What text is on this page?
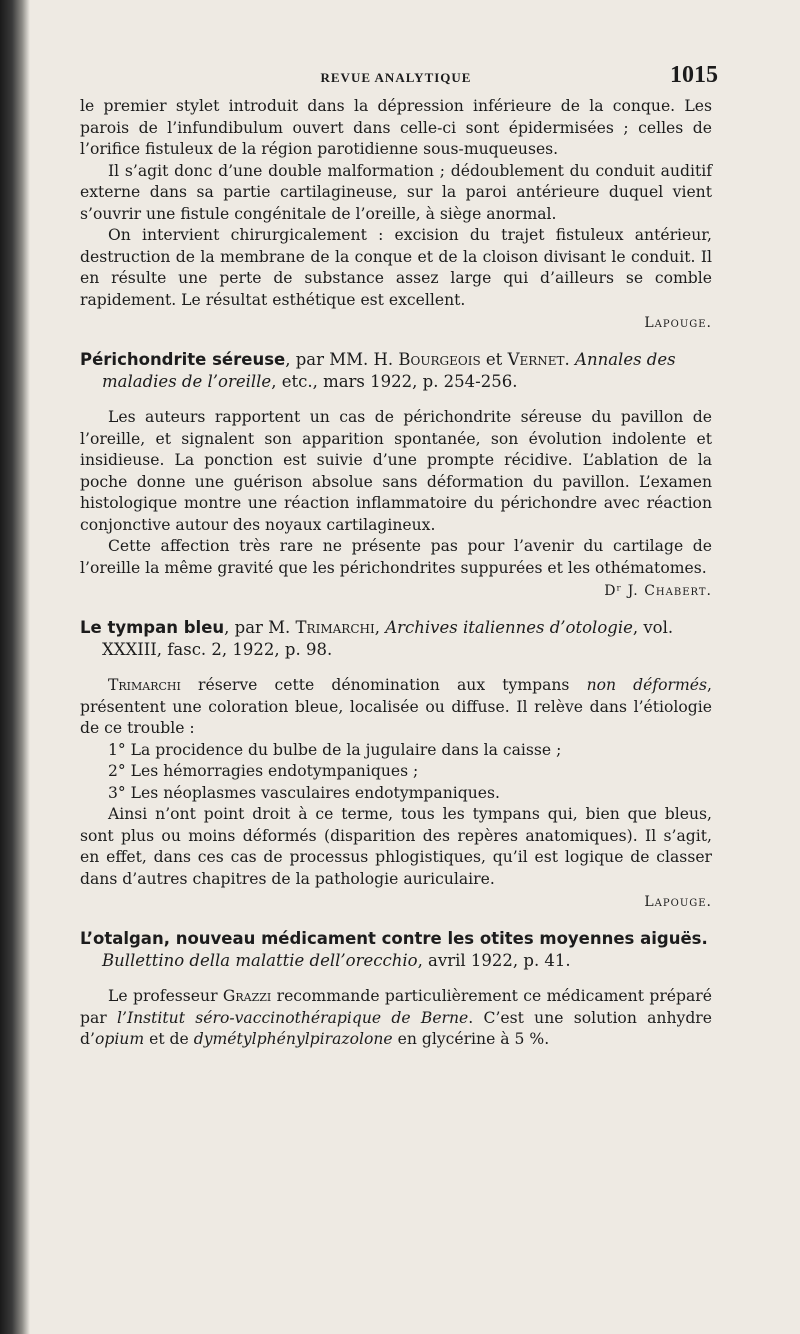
REVUE ANALYTIQUE	1015

le premier stylet introduit dans la dépression inférieure de la conque. Les parois de l’infundibulum ouvert dans celle-ci sont épidermisées ; celles de l’orifice fistuleux de la région parotidienne sous-muqueuses.

Il s’agit donc d’une double malformation ; dédoublement du conduit auditif externe dans sa partie cartilagineuse, sur la paroi antérieure duquel vient s’ouvrir une fistule congénitale de l’oreille, à siège anormal.

On intervient chirurgicalement : excision du trajet fistuleux antérieur, destruction de la membrane de la conque et de la cloison divisant le conduit. Il en résulte une perte de substance assez large qui d’ailleurs se comble rapidement. Le résultat esthétique est excellent.

Lapouge.

Périchondrite séreuse, par MM. H. Bourgeois et Vernet. Annales des maladies de l’oreille, etc., mars 1922, p. 254-256.

Les auteurs rapportent un cas de périchondrite séreuse du pavillon de l’oreille, et signalent son apparition spontanée, son évolution indolente et insidieuse. La ponction est suivie d’une prompte récidive. L’ablation de la poche donne une guérison absolue sans déformation du pavillon. L’examen histologique montre une réaction inflammatoire du périchondre avec réaction conjonctive autour des noyaux cartilagineux.

Cette affection très rare ne présente pas pour l’avenir du cartilage de l’oreille la même gravité que les périchondrites suppurées et les othématomes.

Dʳ J. Chabert.

Le tympan bleu, par M. Trimarchi, Archives italiennes d’otologie, vol. XXXIII, fasc. 2, 1922, p. 98.

Trimarchi réserve cette dénomination aux tympans non déformés, présentent une coloration bleue, localisée ou diffuse. Il relève dans l’étiologie de ce trouble :

1° La procidence du bulbe de la jugulaire dans la caisse ;

2° Les hémorragies endotympaniques ;

3° Les néoplasmes vasculaires endotympaniques.

Ainsi n’ont point droit à ce terme, tous les tympans qui, bien que bleus, sont plus ou moins déformés (disparition des repères anatomiques). Il s’agit, en effet, dans ces cas de processus phlogistiques, qu’il est logique de classer dans d’autres chapitres de la pathologie auriculaire.

Lapouge.

L’otalgan, nouveau médicament contre les otites moyennes aiguës. Bullettino della malattie dell’orecchio, avril 1922, p. 41.

Le professeur Grazzi recommande particulièrement ce médicament préparé par l’Institut séro-vaccinothérapique de Berne. C’est une solution anhydre d’opium et de dymétylphénylpirazolone en glycérine à 5 %.
